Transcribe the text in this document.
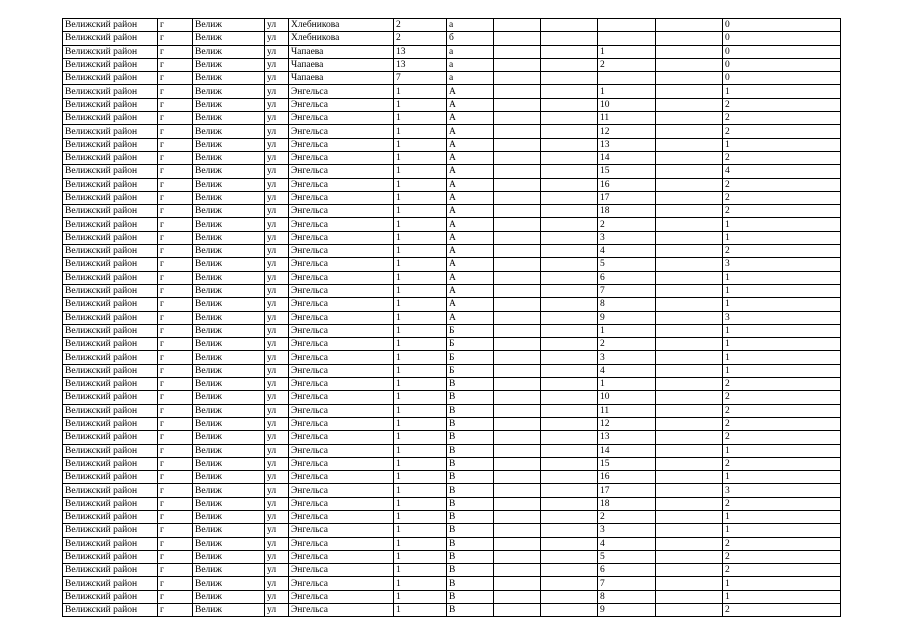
Велижский район	г	Велиж	ул	Хлебникова	2	а					0
Велижский район	г	Велиж	ул	Хлебникова	2	б					0
Велижский район	г	Велиж	ул	Чапаева	13	а			1		0
Велижский район	г	Велиж	ул	Чапаева	13	а			2		0
Велижский район	г	Велиж	ул	Чапаева	7	а					0
Велижский район	г	Велиж	ул	Энгельса	1	А			1		1
Велижский район	г	Велиж	ул	Энгельса	1	А			10		2
Велижский район	г	Велиж	ул	Энгельса	1	А			11		2
Велижский район	г	Велиж	ул	Энгельса	1	А			12		2
Велижский район	г	Велиж	ул	Энгельса	1	А			13		1
Велижский район	г	Велиж	ул	Энгельса	1	А			14		2
Велижский район	г	Велиж	ул	Энгельса	1	А			15		4
Велижский район	г	Велиж	ул	Энгельса	1	А			16		2
Велижский район	г	Велиж	ул	Энгельса	1	А			17		2
Велижский район	г	Велиж	ул	Энгельса	1	А			18		2
Велижский район	г	Велиж	ул	Энгельса	1	А			2		1
Велижский район	г	Велиж	ул	Энгельса	1	А			3		1
Велижский район	г	Велиж	ул	Энгельса	1	А			4		2
Велижский район	г	Велиж	ул	Энгельса	1	А			5		3
Велижский район	г	Велиж	ул	Энгельса	1	А			6		1
Велижский район	г	Велиж	ул	Энгельса	1	А			7		1
Велижский район	г	Велиж	ул	Энгельса	1	А			8		1
Велижский район	г	Велиж	ул	Энгельса	1	А			9		3
Велижский район	г	Велиж	ул	Энгельса	1	Б			1		1
Велижский район	г	Велиж	ул	Энгельса	1	Б			2		1
Велижский район	г	Велиж	ул	Энгельса	1	Б			3		1
Велижский район	г	Велиж	ул	Энгельса	1	Б			4		1
Велижский район	г	Велиж	ул	Энгельса	1	В			1		2
Велижский район	г	Велиж	ул	Энгельса	1	В			10		2
Велижский район	г	Велиж	ул	Энгельса	1	В			11		2
Велижский район	г	Велиж	ул	Энгельса	1	В			12		2
Велижский район	г	Велиж	ул	Энгельса	1	В			13		2
Велижский район	г	Велиж	ул	Энгельса	1	В			14		1
Велижский район	г	Велиж	ул	Энгельса	1	В			15		2
Велижский район	г	Велиж	ул	Энгельса	1	В			16		1
Велижский район	г	Велиж	ул	Энгельса	1	В			17		3
Велижский район	г	Велиж	ул	Энгельса	1	В			18		2
Велижский район	г	Велиж	ул	Энгельса	1	В			2		1
Велижский район	г	Велиж	ул	Энгельса	1	В			3		1
Велижский район	г	Велиж	ул	Энгельса	1	В			4		2
Велижский район	г	Велиж	ул	Энгельса	1	В			5		2
Велижский район	г	Велиж	ул	Энгельса	1	В			6		2
Велижский район	г	Велиж	ул	Энгельса	1	В			7		1
Велижский район	г	Велиж	ул	Энгельса	1	В			8		1
Велижский район	г	Велиж	ул	Энгельса	1	В			9		2
